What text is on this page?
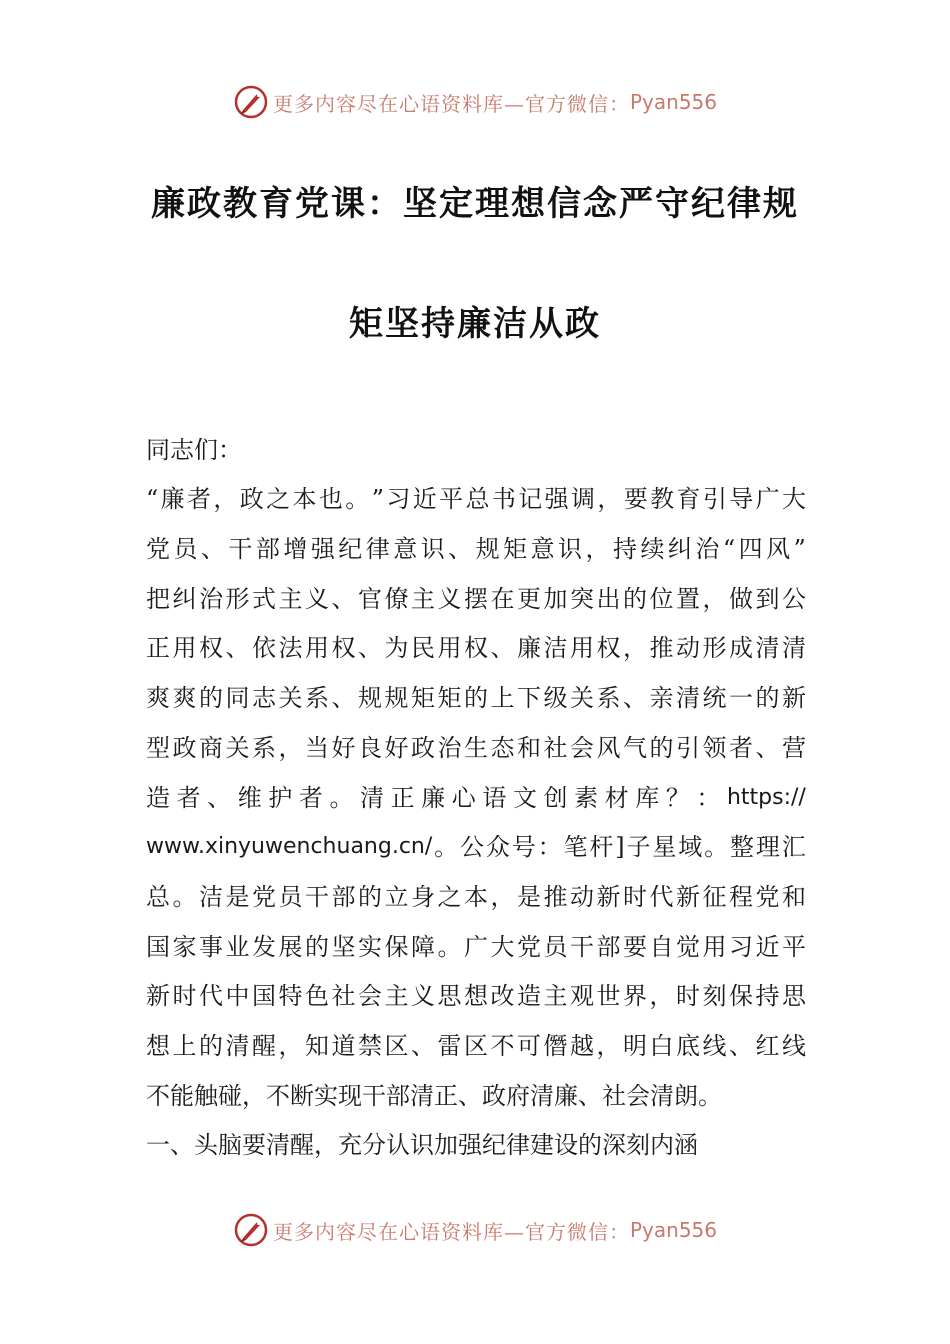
更多内容尽在心语资料库—官方微信： Pyan556
廉政教育党课：坚定理想信念严守纪律规
矩坚持廉洁从政
同志们：
“ 廉 者 ， 政 之 本 也 。 ” 习 近 平 总 书 记 强 调 ， 要 教 育 引 导 广 大
党 员 、 干 部 增 强 纪 律 意 识 、 规 矩 意 识 ， 持 续 纠 治 “ 四 风 ”
把 纠 治 形 式 主 义 、 官 僚 主 义 摆 在 更 加 突 出 的 位 置 ， 做 到 公
正 用 权 、 依 法 用 权 、 为 民 用 权 、 廉 洁 用 权 ， 推 动 形 成 清 清
爽 爽 的 同 志 关 系 、 规 规 矩 矩 的 上 下 级 关 系 、 亲 清 统 一 的 新
型 政 商 关 系 ， 当 好 良 好 政 治 生 态 和 社 会 风 气 的 引 领 者 、 营
造 者 、 维 护 者 。 清 正 廉 心 语 文 创 素 材 库 ？ ： https://
www.xinyuwenchuang.cn/ 。 公 众 号 ： 笔 杆 ] 子 星 域 。 整 理 汇
总 。 洁 是 党 员 干 部 的 立 身 之 本 ， 是 推 动 新 时 代 新 征 程 党 和
国 家 事 业 发 展 的 坚 实 保 障 。 广 大 党 员 干 部 要 自 觉 用 习 近 平
新 时 代 中 国 特 色 社 会 主 义 思 想 改 造 主 观 世 界 ， 时 刻 保 持 思
想 上 的 清 醒 ， 知 道 禁 区 、 雷 区 不 可 僭 越 ， 明 白 底 线 、 红 线
不能触碰，不断实现干部清正、政府清廉、社会清朗。
一、头脑要清醒，充分认识加强纪律建设的深刻内涵
更多内容尽在心语资料库—官方微信： Pyan556
